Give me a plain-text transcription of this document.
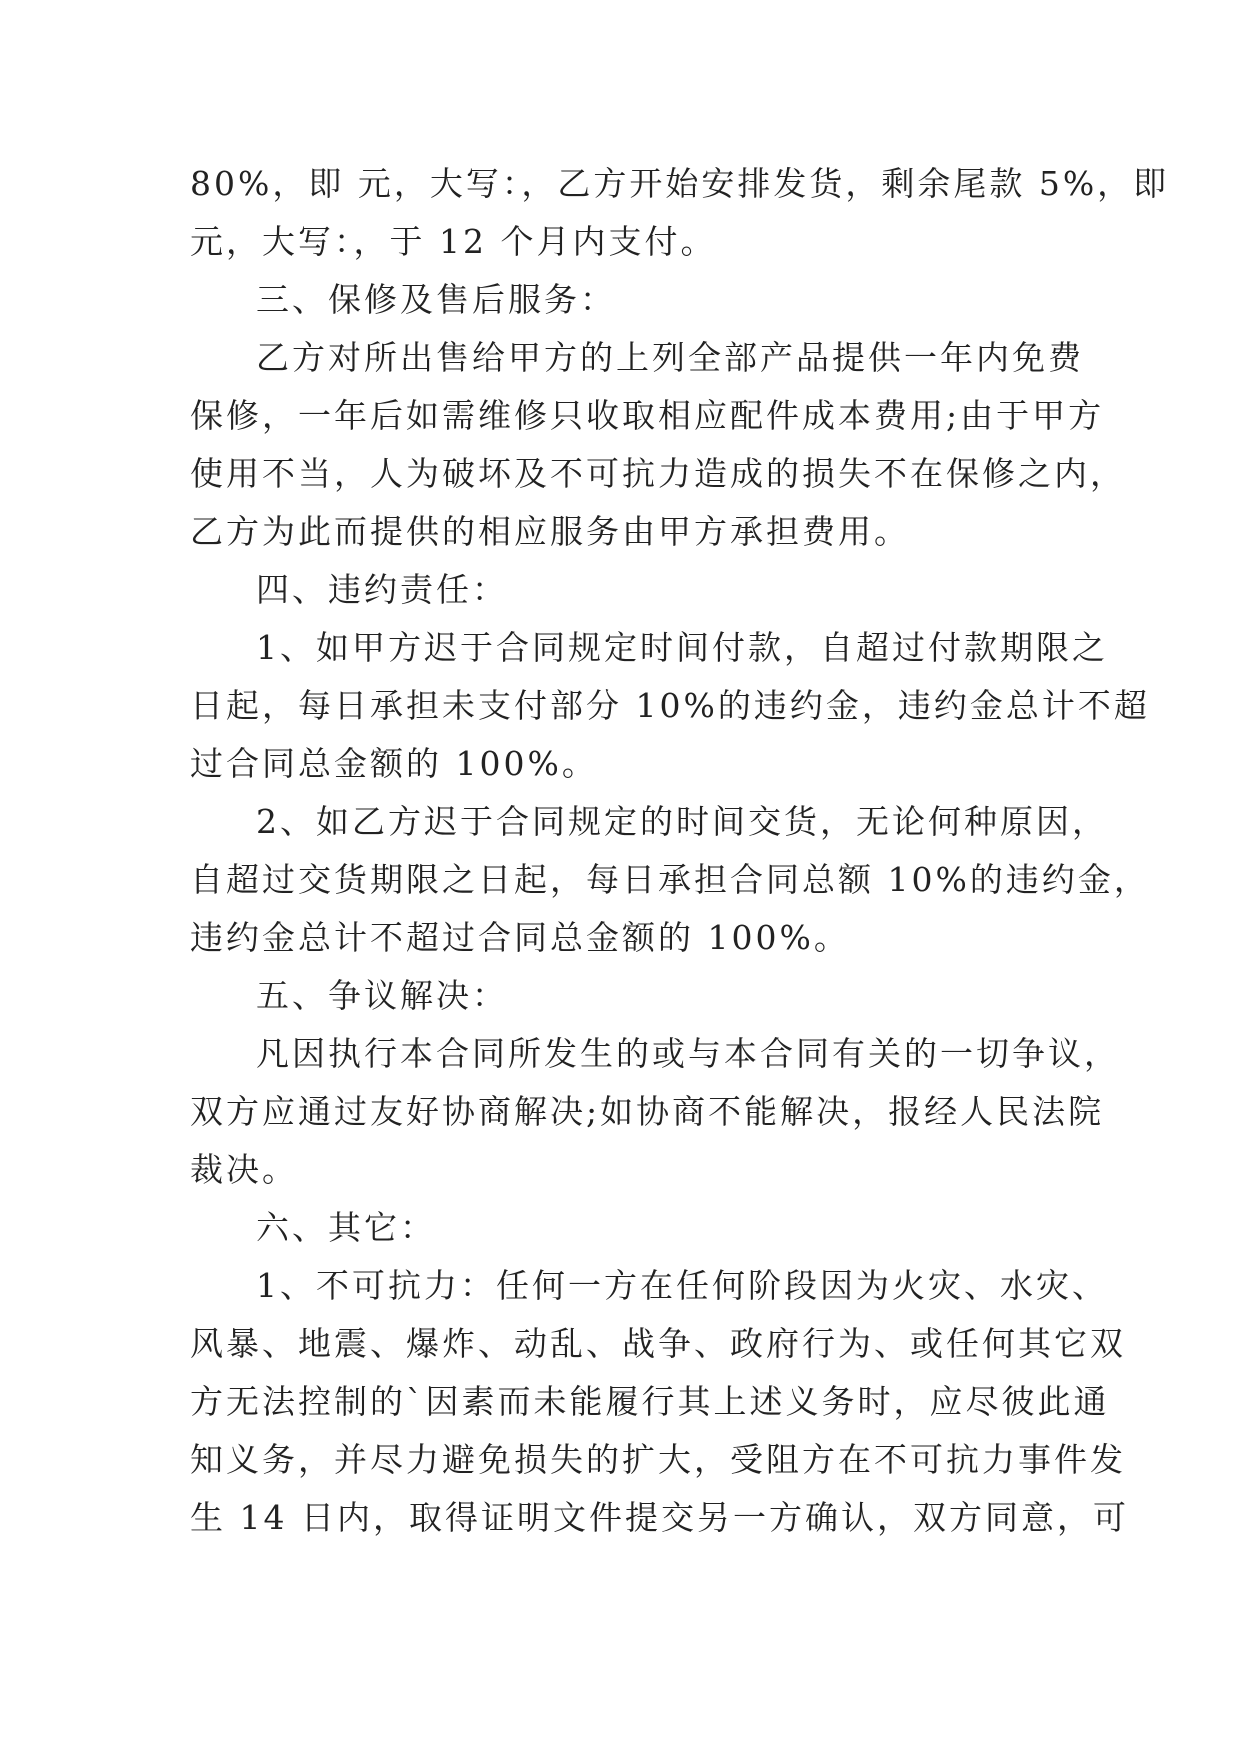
80%，即 元，大写：，乙方开始安排发货，剩余尾款 5%，即
元，大写：，于 12 个月内支付。
三、保修及售后服务：
乙方对所出售给甲方的上列全部产品提供一年内免费
保修，一年后如需维修只收取相应配件成本费用;由于甲方
使用不当，人为破坏及不可抗力造成的损失不在保修之内，
乙方为此而提供的相应服务由甲方承担费用。
四、违约责任：
1、如甲方迟于合同规定时间付款，自超过付款期限之
日起，每日承担未支付部分 10%的违约金，违约金总计不超
过合同总金额的 100%。
2、如乙方迟于合同规定的时间交货，无论何种原因，
自超过交货期限之日起，每日承担合同总额 10%的违约金，
违约金总计不超过合同总金额的 100%。
五、争议解决：
凡因执行本合同所发生的或与本合同有关的一切争议，
双方应通过友好协商解决;如协商不能解决，报经人民法院
裁决。
六、其它：
1、不可抗力：任何一方在任何阶段因为火灾、水灾、
风暴、地震、爆炸、动乱、战争、政府行为、或任何其它双
方无法控制的`因素而未能履行其上述义务时，应尽彼此通
知义务，并尽力避免损失的扩大，受阻方在不可抗力事件发
生 14 日内，取得证明文件提交另一方确认，双方同意，可
